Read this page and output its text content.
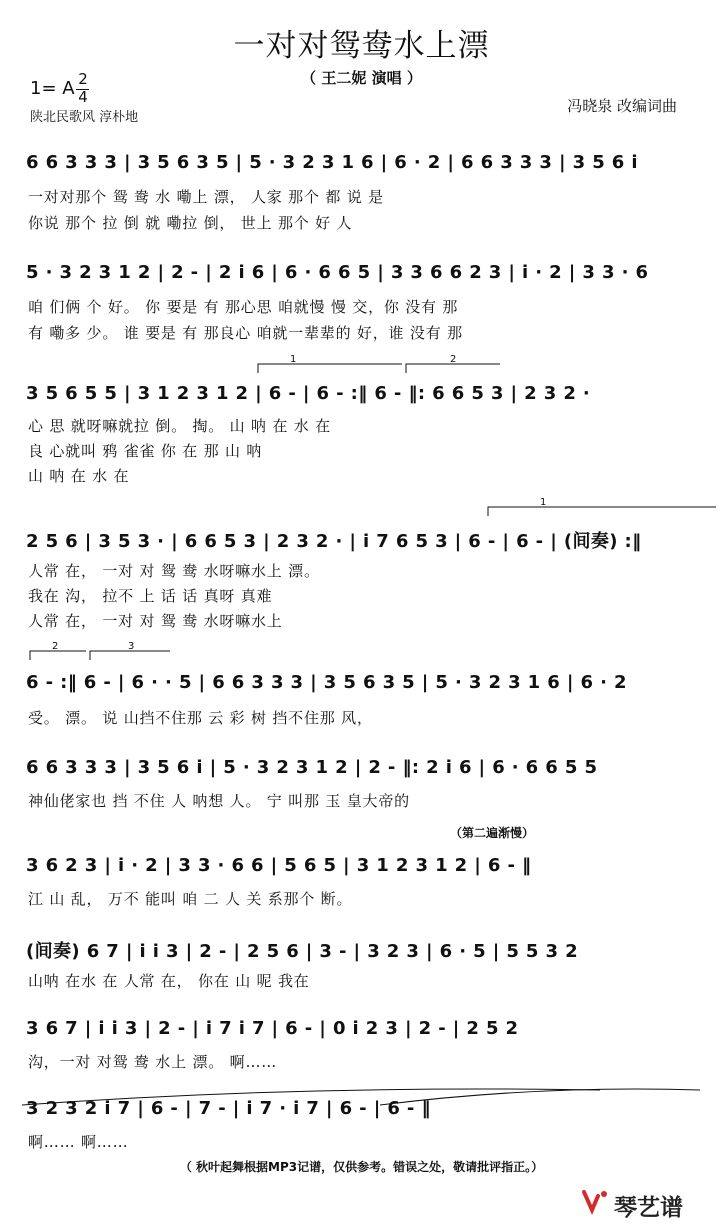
一对对鸳鸯水上漂
（ 王二妮 演唱 ）
1= A 2
4
陕北民歌风 淳朴地
冯晓泉 改编词曲
6 6 3 3 3 | 3 5 6 3 5 | 5 · 3 2 3 1 6 | 6 · 2 | 6 6 3 3 3 | 3 5 6 i
一对对那个 鸳 鸯 水 嘞上 漂， 人家 那个 都 说 是
你说 那个 拉 倒 就 嘞拉 倒， 世上 那个 好 人
5 · 3 2 3 1 2 | 2 - | 2 i 6 | 6 · 6 6 5 | 3 3 6 6 2 3 | i · 2 | 3 3 · 6
咱 们俩 个 好。 你 要是 有 那心思 咱就慢 慢 交，你 没有 那
有 嘞多 少。 谁 要是 有 那良心 咱就一辈辈的 好，谁 没有 那
3 5 6 5 5 | 3 1 2 3 1 2 | 6 - | 6 - :‖ 6 - ‖: 6 6 5 3 | 2 3 2 ·
心 思 就呀嘛就拉 倒。 掏。 山 呐 在 水 在
良 心就叫 鸦 雀雀 你 在 那 山 呐
山 呐 在 水 在
2 5 6 | 3 5 3 · | 6 6 5 3 | 2 3 2 · | i 7 6 5 3 | 6 - | 6 - | (间奏) :‖
人常 在， 一对 对 鸳 鸯 水呀嘛水上 漂。
我在 沟， 拉不 上 话 话 真呀 真难
人常 在， 一对 对 鸳 鸯 水呀嘛水上
6 - :‖ 6 - | 6 · · 5 | 6 6 3 3 3 | 3 5 6 3 5 | 5 · 3 2 3 1 6 | 6 · 2
受。 漂。 说 山挡不住那 云 彩 树 挡不住那 风，
6 6 3 3 3 | 3 5 6 i | 5 · 3 2 3 1 2 | 2 - ‖: 2 i 6 | 6 · 6 6 5 5
神仙佬家也 挡 不住 人 呐想 人。 宁 叫那 玉 皇大帝的
（第二遍渐慢）
3 6 2 3 | i · 2 | 3 3 · 6 6 | 5 6 5 | 3 1 2 3 1 2 | 6 - ‖
江 山 乱， 万不 能叫 咱 二 人 关 系那个 断。
(间奏) 6 7 | i i 3 | 2 - | 2 5 6 | 3 - | 3 2 3 | 6 · 5 | 5 5 3 2
山呐 在水 在 人常 在， 你在 山 呢 我在
3 6 7 | i i 3 | 2 - | i 7 i 7 | 6 - | 0 i 2 3 | 2 - | 2 5 2
沟，一对 对鸳 鸯 水上 漂。 啊……
3 2 3 2 i 7 | 6 - | 7 - | i 7 · i 7 | 6 - | 6 - ‖
啊…… 啊……
1	2
1
2	3
（ 秋叶起舞根据MP3记谱，仅供参考。错误之处，敬请批评指正。）
琴艺谱
